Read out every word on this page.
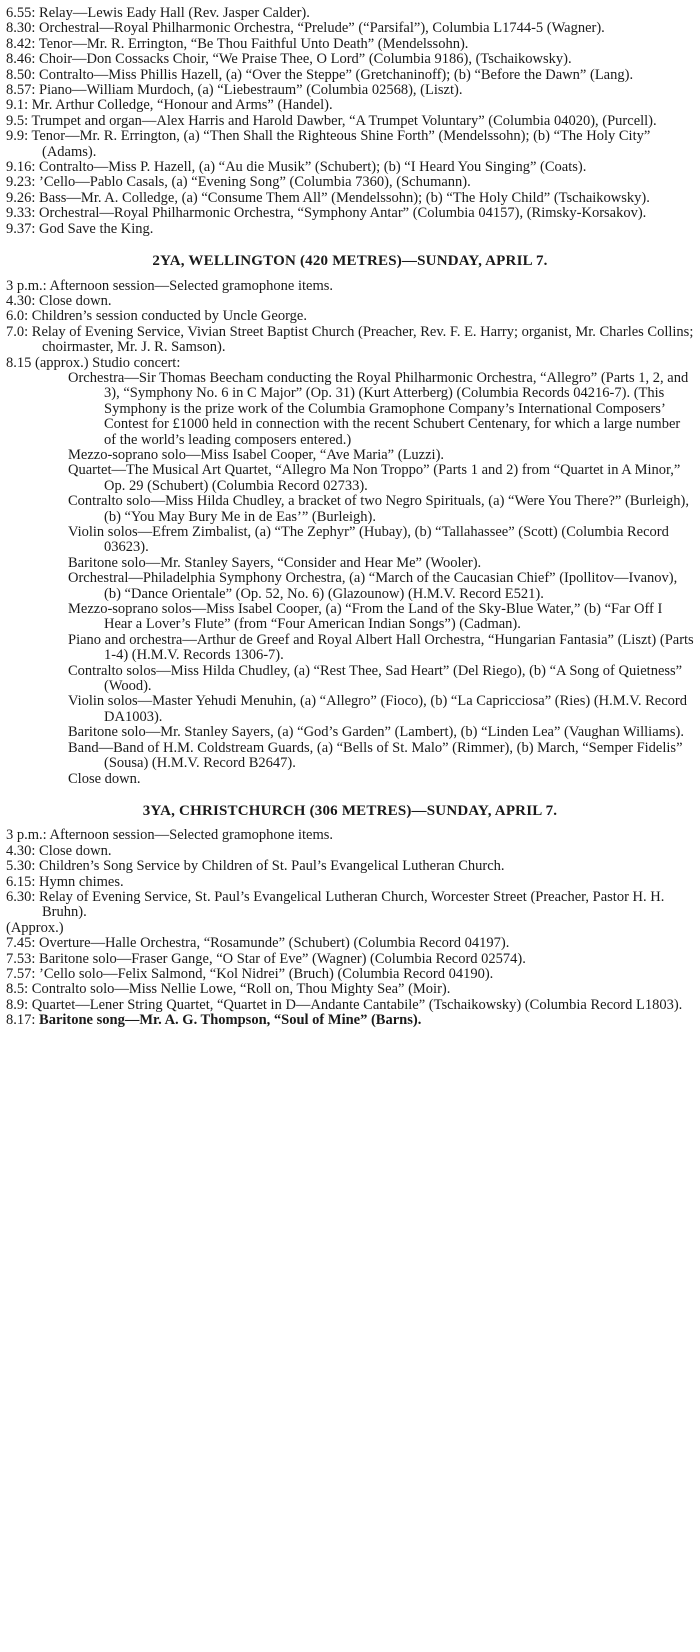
6.55: Relay—Lewis Eady Hall (Rev. Jasper Calder).

8.30: Orchestral—Royal Philharmonic Orchestra, “Prelude” (“Parsifal”), Columbia L1744-5 (Wagner).

8.42: Tenor—Mr. R. Errington, “Be Thou Faithful Unto Death” (Mendelssohn).

8.46: Choir—Don Cossacks Choir, “We Praise Thee, O Lord” (Columbia 9186), (Tschaikowsky).

8.50: Contralto—Miss Phillis Hazell, (a) “Over the Steppe” (Gretchaninoff); (b) “Before the Dawn” (Lang).

8.57: Piano—William Murdoch, (a) “Liebestraum” (Columbia 02568), (Liszt).

9.1: Mr. Arthur Colledge, “Honour and Arms” (Handel).

9.5: Trumpet and organ—Alex Harris and Harold Dawber, “A Trumpet Voluntary” (Columbia 04020), (Purcell).

9.9: Tenor—Mr. R. Errington, (a) “Then Shall the Righteous Shine Forth” (Mendelssohn); (b) “The Holy City” (Adams).

9.16: Contralto—Miss P. Hazell, (a) “Au die Musik” (Schubert); (b) “I Heard You Singing” (Coats).

9.23: ’Cello—Pablo Casals, (a) “Evening Song” (Columbia 7360), (Schumann).

9.26: Bass—Mr. A. Colledge, (a) “Consume Them All” (Mendelssohn); (b) “The Holy Child” (Tschaikowsky).

9.33: Orchestral—Royal Philharmonic Orchestra, “Symphony Antar” (Columbia 04157), (Rimsky-Korsakov).

9.37: God Save the King.

2YA, WELLINGTON (420 METRES)—SUNDAY, APRIL 7.

3 p.m.: Afternoon session—Selected gramophone items.

4.30: Close down.

6.0: Children’s session conducted by Uncle George.

7.0: Relay of Evening Service, Vivian Street Baptist Church (Preacher, Rev. F. E. Harry; organist, Mr. Charles Collins; choirmaster, Mr. J. R. Samson).

8.15 (approx.) Studio concert:

Orchestra—Sir Thomas Beecham conducting the Royal Philharmonic Orchestra, “Allegro” (Parts 1, 2, and 3), “Symphony No. 6 in C Major” (Op. 31) (Kurt Atterberg) (Columbia Records 04216-7). (This Symphony is the prize work of the Columbia Gramophone Company’s International Composers’ Contest for £1000 held in connection with the recent Schubert Centenary, for which a large number of the world’s leading composers entered.)

Mezzo-soprano solo—Miss Isabel Cooper, “Ave Maria” (Luzzi).

Quartet—The Musical Art Quartet, “Allegro Ma Non Troppo” (Parts 1 and 2) from “Quartet in A Minor,” Op. 29 (Schubert) (Columbia Record 02733).

Contralto solo—Miss Hilda Chudley, a bracket of two Negro Spirituals, (a) “Were You There?” (Burleigh), (b) “You May Bury Me in de Eas’” (Burleigh).

Violin solos—Efrem Zimbalist, (a) “The Zephyr” (Hubay), (b) “Tallahassee” (Scott) (Columbia Record 03623).

Baritone solo—Mr. Stanley Sayers, “Consider and Hear Me” (Wooler).

Orchestral—Philadelphia Symphony Orchestra, (a) “March of the Caucasian Chief” (Ipollitov—Ivanov), (b) “Dance Orientale” (Op. 52, No. 6) (Glazounow) (H.M.V. Record E521).

Mezzo-soprano solos—Miss Isabel Cooper, (a) “From the Land of the Sky-Blue Water,” (b) “Far Off I Hear a Lover’s Flute” (from “Four American Indian Songs”) (Cadman).

Piano and orchestra—Arthur de Greef and Royal Albert Hall Orchestra, “Hungarian Fantasia” (Liszt) (Parts 1-4) (H.M.V. Records 1306-7).

Contralto solos—Miss Hilda Chudley, (a) “Rest Thee, Sad Heart” (Del Riego), (b) “A Song of Quietness” (Wood).

Violin solos—Master Yehudi Menuhin, (a) “Allegro” (Fioco), (b) “La Capricciosa” (Ries) (H.M.V. Record DA1003).

Baritone solo—Mr. Stanley Sayers, (a) “God’s Garden” (Lambert), (b) “Linden Lea” (Vaughan Williams).

Band—Band of H.M. Coldstream Guards, (a) “Bells of St. Malo” (Rimmer), (b) March, “Semper Fidelis” (Sousa) (H.M.V. Record B2647).

Close down.

3YA, CHRISTCHURCH (306 METRES)—SUNDAY, APRIL 7.

3 p.m.: Afternoon session—Selected gramophone items.

4.30: Close down.

5.30: Children’s Song Service by Children of St. Paul’s Evangelical Lutheran Church.

6.15: Hymn chimes.

6.30: Relay of Evening Service, St. Paul’s Evangelical Lutheran Church, Worcester Street (Preacher, Pastor H. H. Bruhn).

(Approx.)

7.45: Overture—Halle Orchestra, “Rosamunde” (Schubert) (Columbia Record 04197).

7.53: Baritone solo—Fraser Gange, “O Star of Eve” (Wagner) (Columbia Record 02574).

7.57: ’Cello solo—Felix Salmond, “Kol Nidrei” (Bruch) (Columbia Record 04190).

8.5: Contralto solo—Miss Nellie Lowe, “Roll on, Thou Mighty Sea” (Moir).

8.9: Quartet—Lener String Quartet, “Quartet in D—Andante Cantabile” (Tschaikowsky) (Columbia Record L1803).

8.17: Baritone song—Mr. A. G. Thompson, “Soul of Mine” (Barns).
